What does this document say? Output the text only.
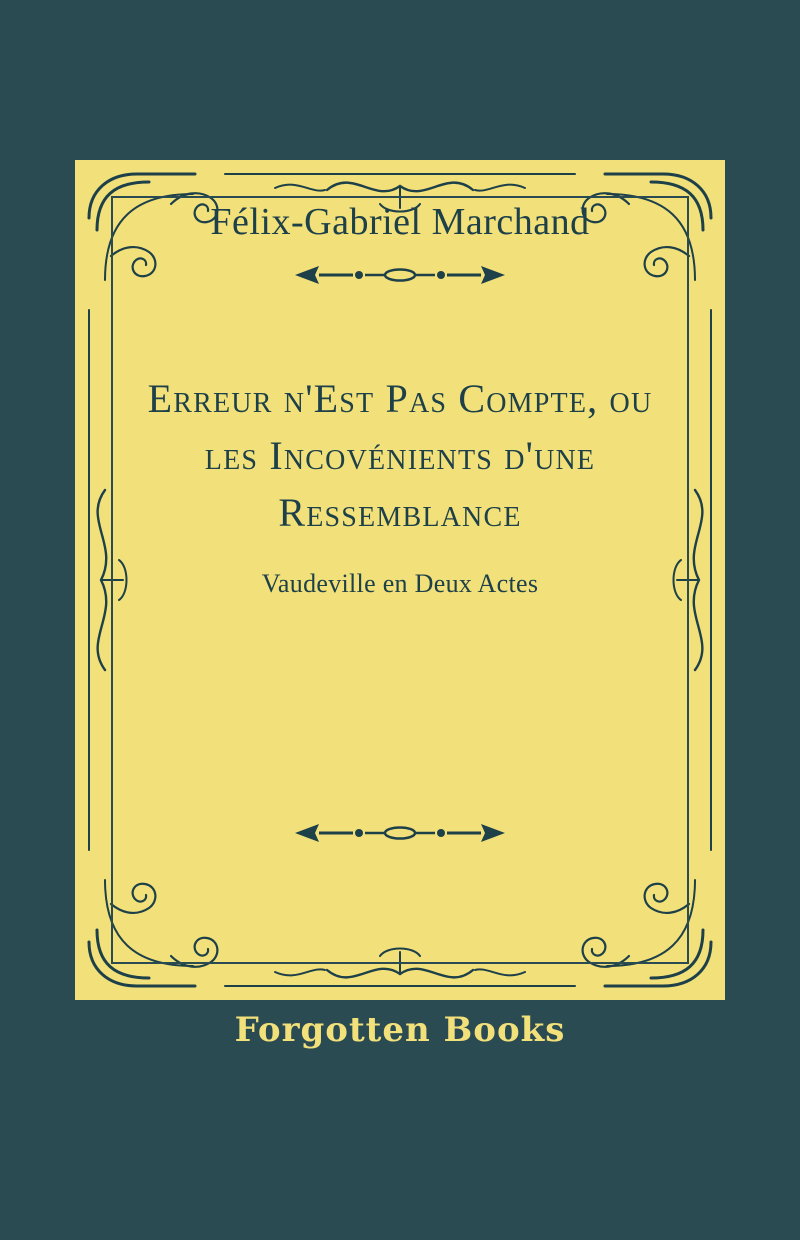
Félix-Gabriel Marchand
Erreur n'Est Pas Compte, ou les Incovénients d'une Ressemblance
Vaudeville en Deux Actes
Forgotten Books
